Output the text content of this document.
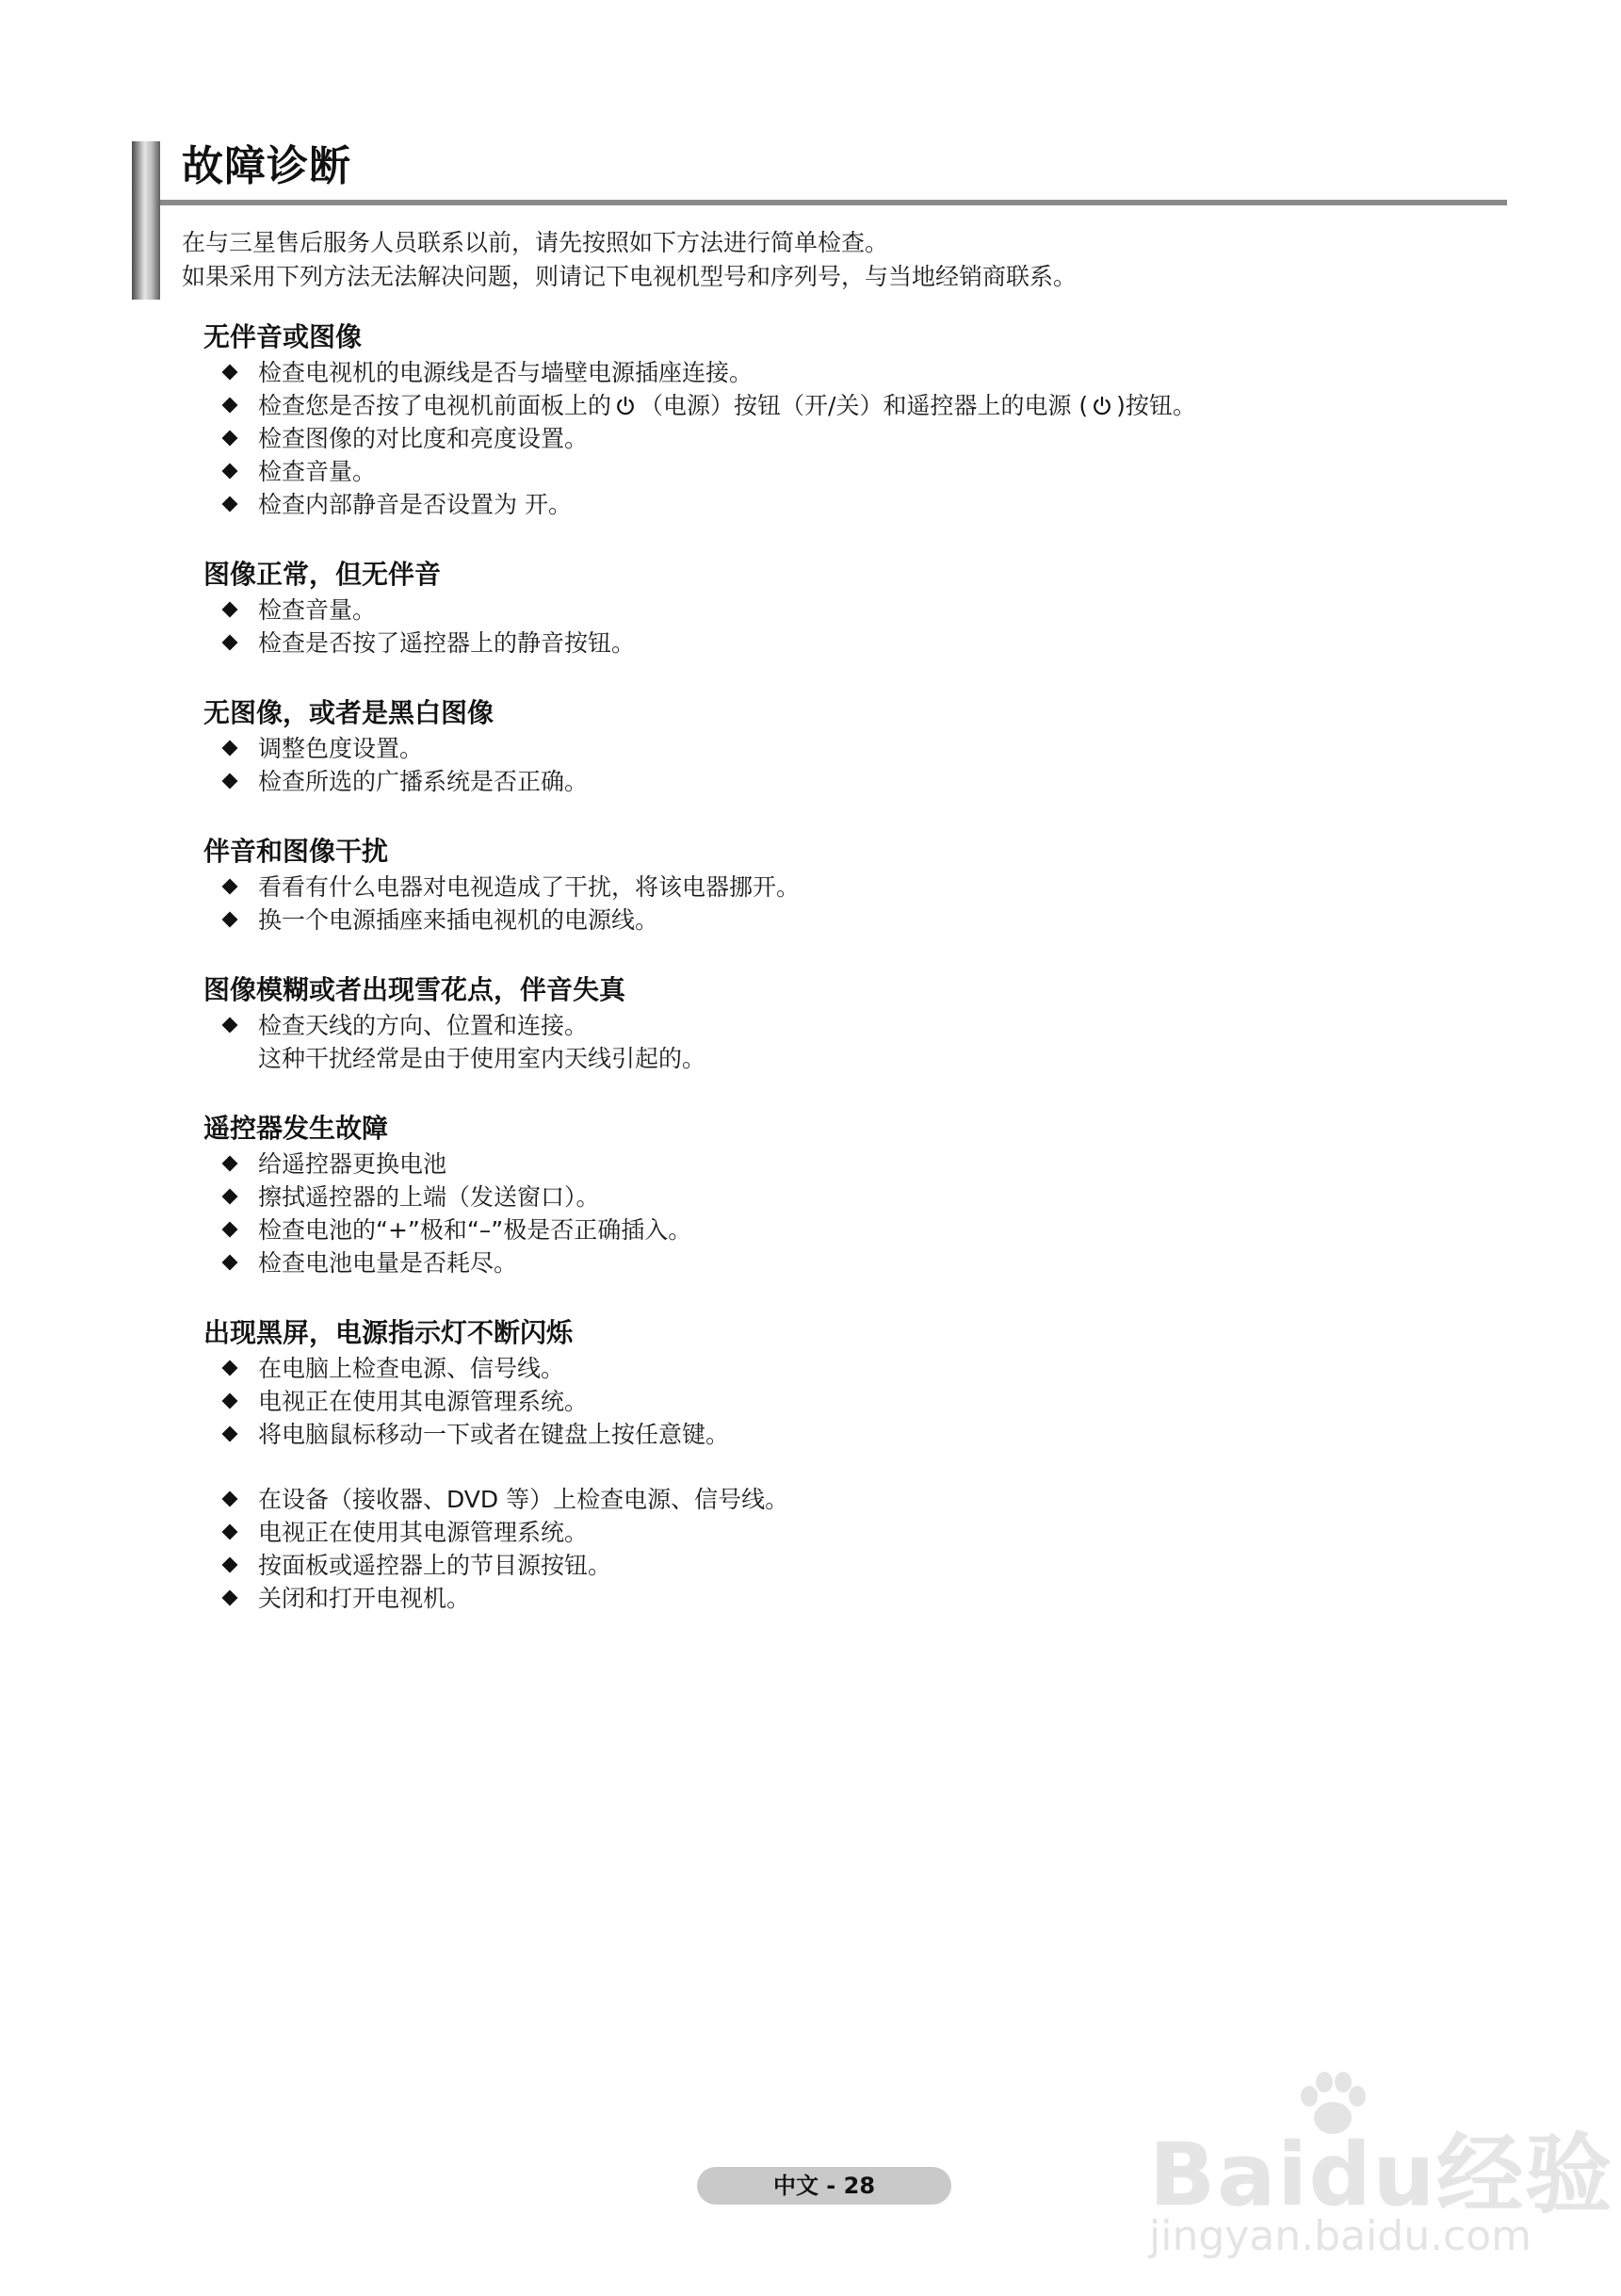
故障诊断
在与三星售后服务人员联系以前，请先按照如下方法进行简单检查。
如果采用下列方法无法解决问题，则请记下电视机型号和序列号，与当地经销商联系。
无伴音或图像
检查电视机的电源线是否与墙壁电源插座连接。
检查您是否按了电视机前面板上的 （电源）按钮（开/关）和遥控器上的电源 ( )按钮。
检查图像的对比度和亮度设置。
检查音量。
检查内部静音是否设置为 开。
图像正常，但无伴音
检查音量。
检查是否按了遥控器上的静音按钮。
无图像，或者是黑白图像
调整色度设置。
检查所选的广播系统是否正确。
伴音和图像干扰
看看有什么电器对电视造成了干扰，将该电器挪开。
换一个电源插座来插电视机的电源线。
图像模糊或者出现雪花点，伴音失真
检查天线的方向、位置和连接。
这种干扰经常是由于使用室内天线引起的。
遥控器发生故障
给遥控器更换电池
擦拭遥控器的上端（发送窗口）。
检查电池的“+”极和“–”极是否正确插入。
检查电池电量是否耗尽。
出现黑屏，电源指示灯不断闪烁
在电脑上检查电源、信号线。
电视正在使用其电源管理系统。
将电脑鼠标移动一下或者在键盘上按任意键。
在设备（接收器、DVD 等）上检查电源、信号线。
电视正在使用其电源管理系统。
按面板或遥控器上的节目源按钮。
关闭和打开电视机。
中文 - 28	Baidu经验
jingyan.baidu.com
